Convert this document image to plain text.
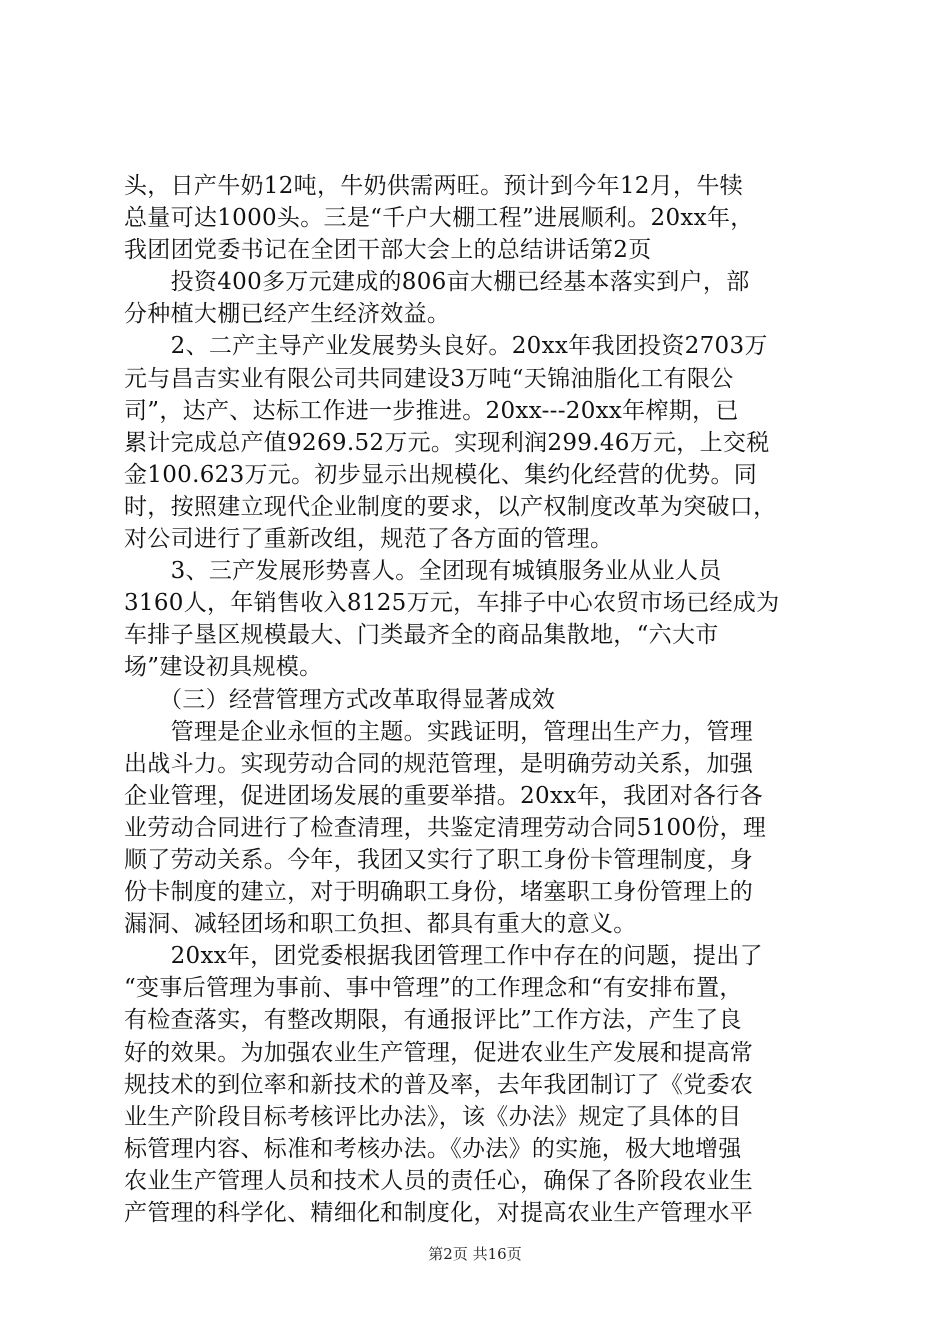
头，日产牛奶12吨，牛奶供需两旺。预计到今年12月，牛犊
总量可达1000头。三是“千户大棚工程”进展顺利。20xx年，
我团团党委书记在全团干部大会上的总结讲话第2页
　　投资400多万元建成的806亩大棚已经基本落实到户，部
分种植大棚已经产生经济效益。
　　2、二产主导产业发展势头良好。20xx年我团投资2703万
元与昌吉实业有限公司共同建设3万吨“天锦油脂化工有限公
司”，达产、达标工作进一步推进。20xx---20xx年榨期，已
累计完成总产值9269.52万元。实现利润299.46万元，上交税
金100.623万元。初步显示出规模化、集约化经营的优势。同
时，按照建立现代企业制度的要求，以产权制度改革为突破口，
对公司进行了重新改组，规范了各方面的管理。
　　3、三产发展形势喜人。全团现有城镇服务业从业人员
3160人，年销售收入8125万元，车排子中心农贸市场已经成为
车排子垦区规模最大、门类最齐全的商品集散地，“六大市
场”建设初具规模。
　　（三）经营管理方式改革取得显著成效
　　管理是企业永恒的主题。实践证明，管理出生产力，管理
出战斗力。实现劳动合同的规范管理，是明确劳动关系，加强
企业管理，促进团场发展的重要举措。20xx年，我团对各行各
业劳动合同进行了检查清理，共鉴定清理劳动合同5100份，理
顺了劳动关系。今年，我团又实行了职工身份卡管理制度，身
份卡制度的建立，对于明确职工身份，堵塞职工身份管理上的
漏洞、减轻团场和职工负担、都具有重大的意义。
　　20xx年，团党委根据我团管理工作中存在的问题，提出了
“变事后管理为事前、事中管理”的工作理念和“有安排布置，
有检查落实，有整改期限，有通报评比”工作方法，产生了良
好的效果。为加强农业生产管理，促进农业生产发展和提高常
规技术的到位率和新技术的普及率，去年我团制订了《党委农
业生产阶段目标考核评比办法》，该《办法》规定了具体的目
标管理内容、标准和考核办法。《办法》的实施，极大地增强
农业生产管理人员和技术人员的责任心，确保了各阶段农业生
产管理的科学化、精细化和制度化，对提高农业生产管理水平
第2页 共16页
